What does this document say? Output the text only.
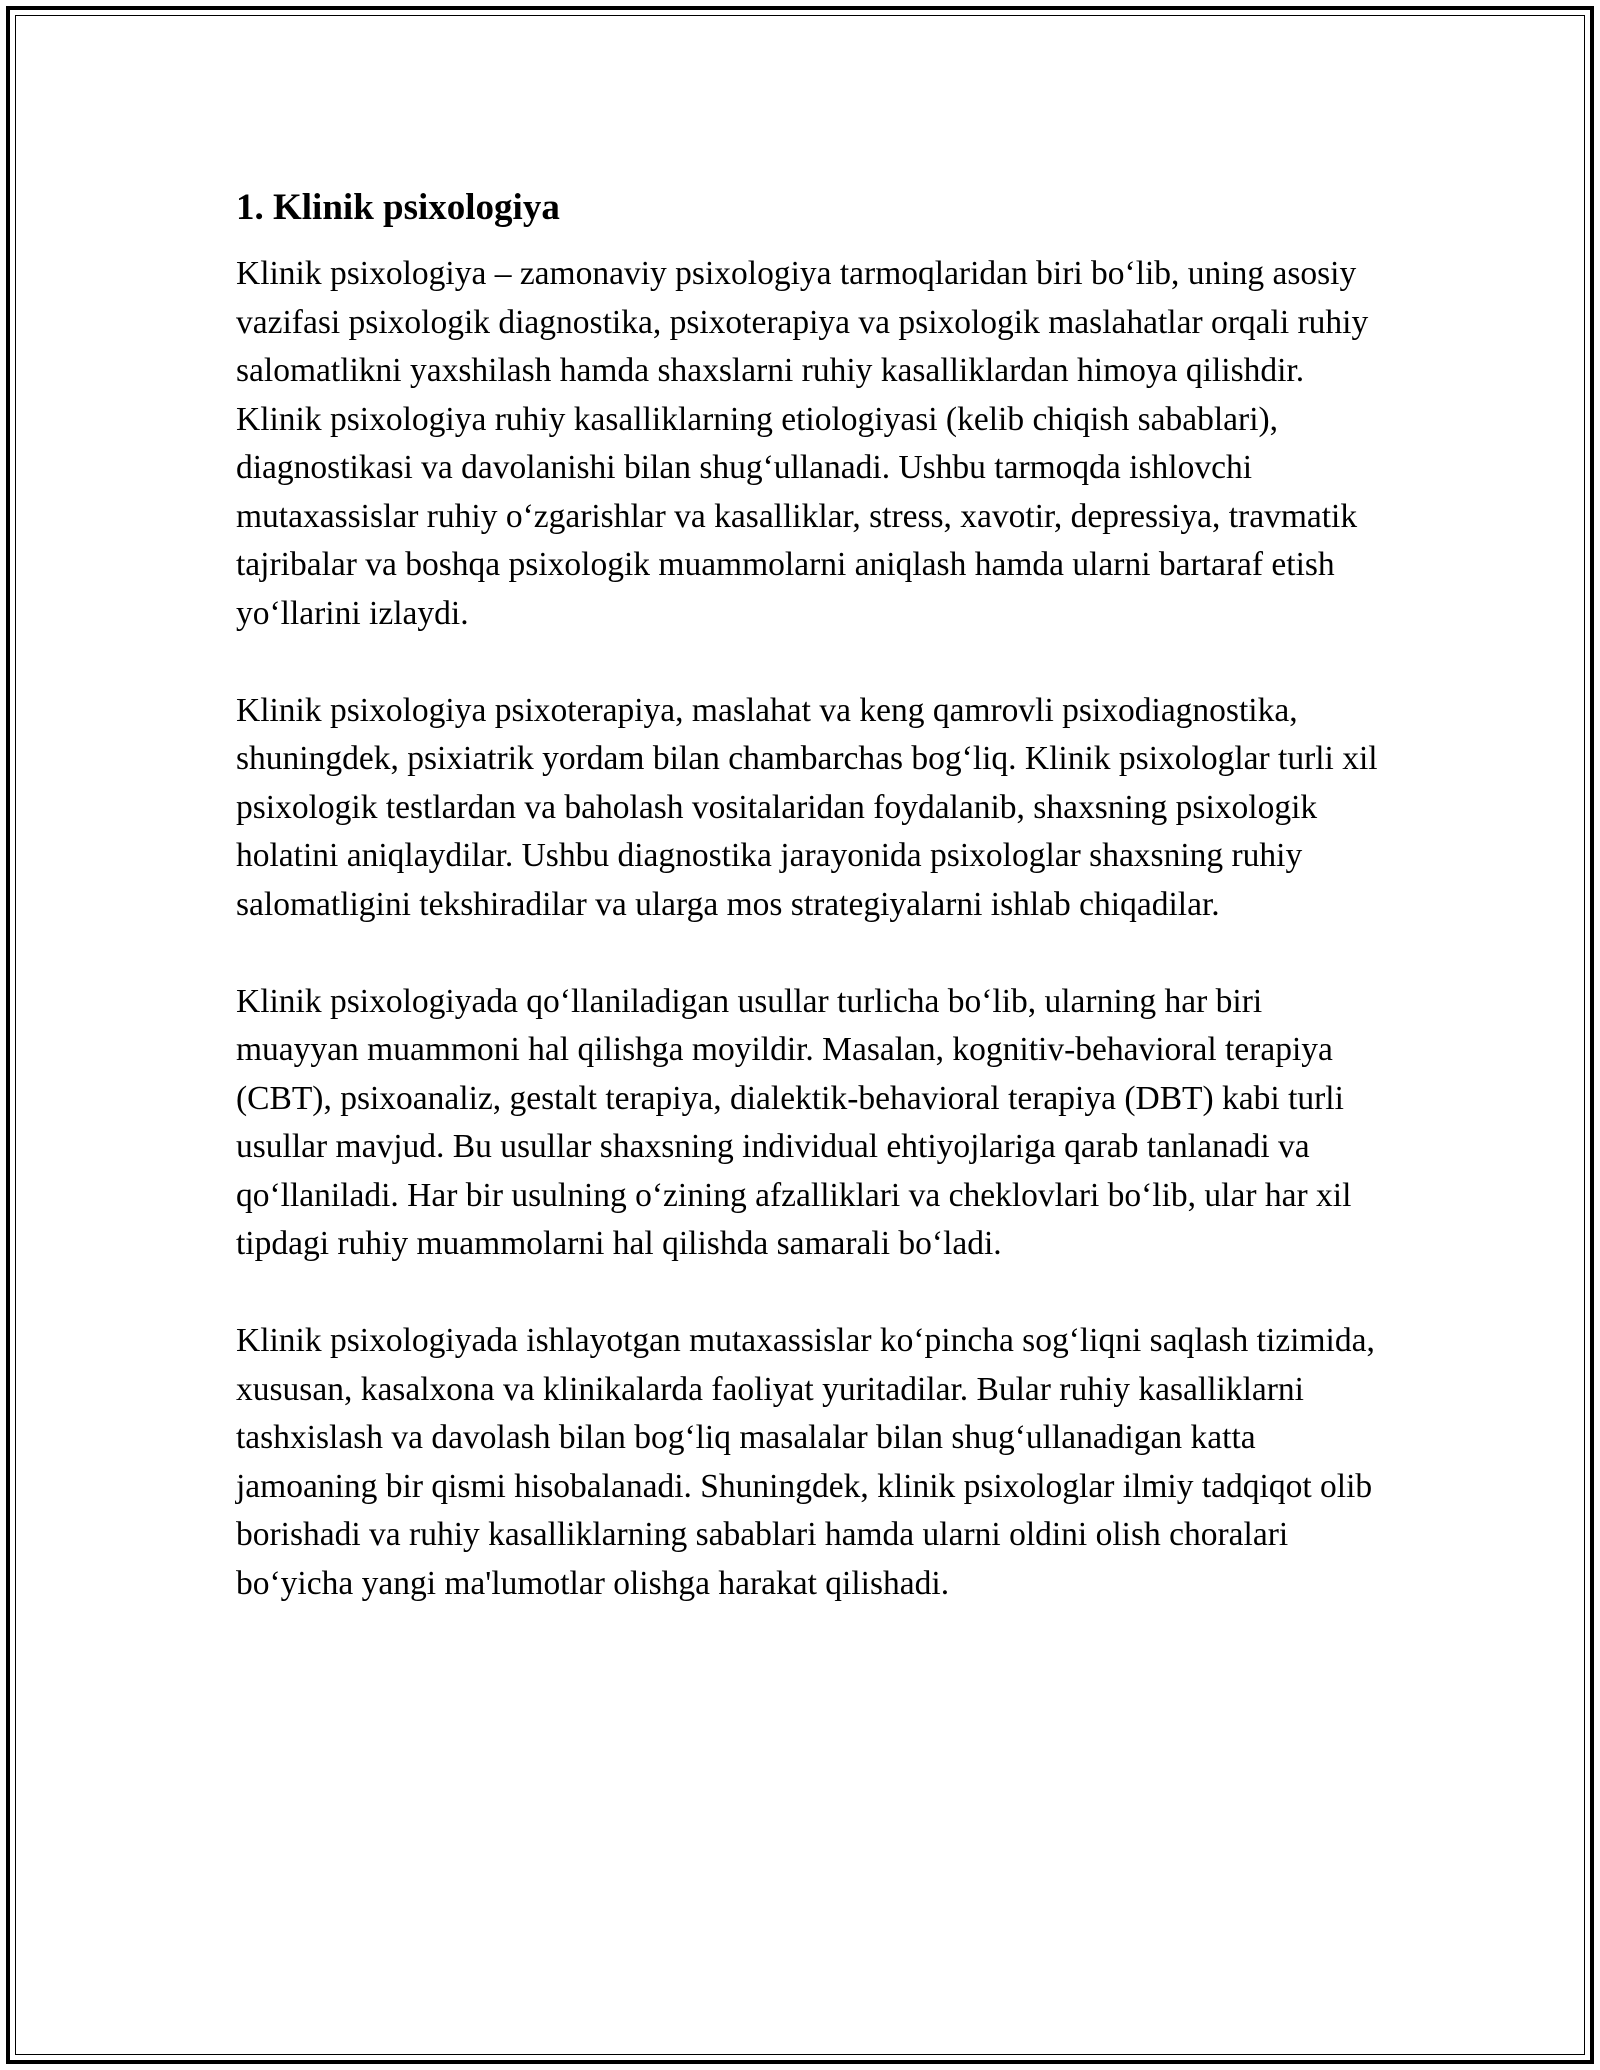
1. Klinik psixologiya

Klinik psixologiya – zamonaviy psixologiya tarmoqlaridan biri bo‘lib, uning asosiy vazifasi psixologik diagnostika, psixoterapiya va psixologik maslahatlar orqali ruhiy salomatlikni yaxshilash hamda shaxslarni ruhiy kasalliklardan himoya qilishdir. Klinik psixologiya ruhiy kasalliklarning etiologiyasi (kelib chiqish sabablari), diagnostikasi va davolanishi bilan shug‘ullanadi. Ushbu tarmoqda ishlovchi mutaxassislar ruhiy o‘zgarishlar va kasalliklar, stress, xavotir, depressiya, travmatik tajribalar va boshqa psixologik muammolarni aniqlash hamda ularni bartaraf etish yo‘llarini izlaydi.

Klinik psixologiya psixoterapiya, maslahat va keng qamrovli psixodiagnostika, shuningdek, psixiatrik yordam bilan chambarchas bog‘liq. Klinik psixologlar turli xil psixologik testlardan va baholash vositalaridan foydalanib, shaxsning psixologik holatini aniqlaydilar. Ushbu diagnostika jarayonida psixologlar shaxsning ruhiy salomatligini tekshiradilar va ularga mos strategiyalarni ishlab chiqadilar.

Klinik psixologiyada qo‘llaniladigan usullar turlicha bo‘lib, ularning har biri muayyan muammoni hal qilishga moyildir. Masalan, kognitiv-behavioral terapiya (CBT), psixoanaliz, gestalt terapiya, dialektik-behavioral terapiya (DBT) kabi turli usullar mavjud. Bu usullar shaxsning individual ehtiyojlariga qarab tanlanadi va qo‘llaniladi. Har bir usulning o‘zining afzalliklari va cheklovlari bo‘lib, ular har xil tipdagi ruhiy muammolarni hal qilishda samarali bo‘ladi.

Klinik psixologiyada ishlayotgan mutaxassislar ko‘pincha sog‘liqni saqlash tizimida, xususan, kasalxona va klinikalarda faoliyat yuritadilar. Bular ruhiy kasalliklarni tashxislash va davolash bilan bog‘liq masalalar bilan shug‘ullanadigan katta jamoaning bir qismi hisobalanadi. Shuningdek, klinik psixologlar ilmiy tadqiqot olib borishadi va ruhiy kasalliklarning sabablari hamda ularni oldini olish choralari bo‘yicha yangi ma'lumotlar olishga harakat qilishadi.
